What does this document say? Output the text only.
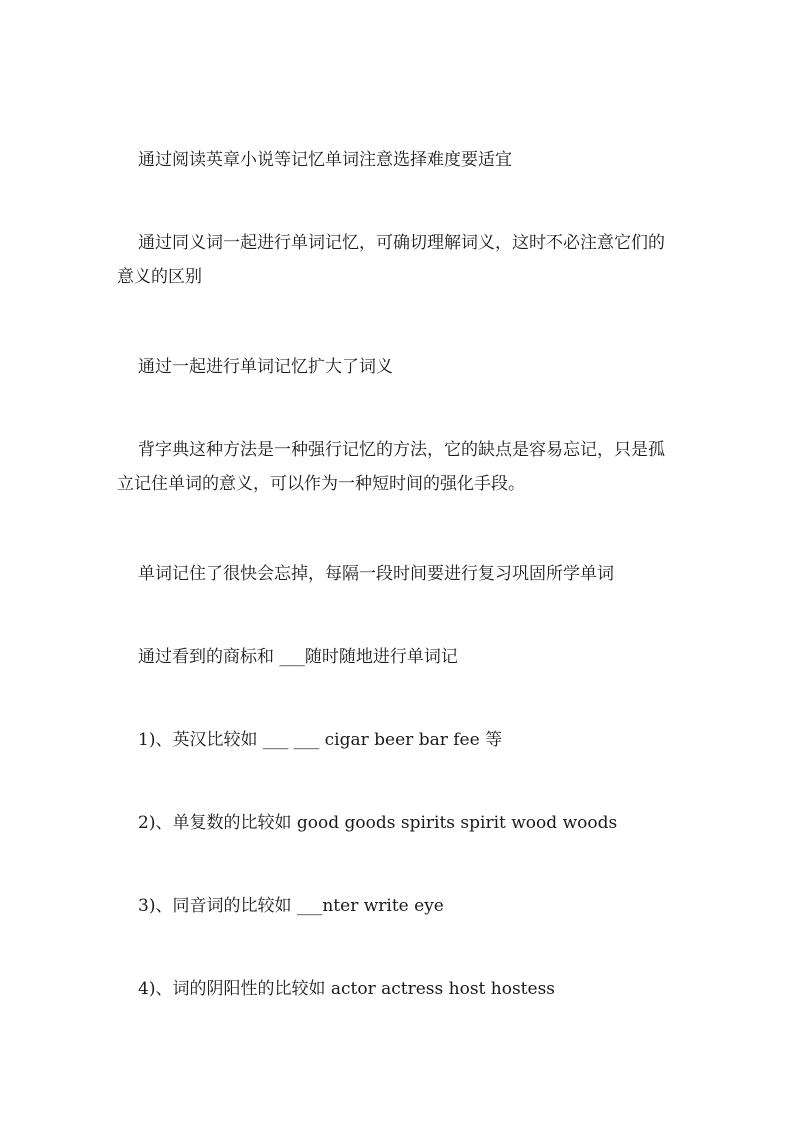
通过阅读英章小说等记忆单词注意选择难度要适宜

通过同义词一起进行单词记忆，可确切理解词义，这时不必注意它们的意义的区别

通过一起进行单词记忆扩大了词义

背字典这种方法是一种强行记忆的方法，它的缺点是容易忘记，只是孤立记住单词的意义，可以作为一种短时间的强化手段。

单词记住了很快会忘掉，每隔一段时间要进行复习巩固所学单词

通过看到的商标和 ___随时随地进行单词记

1)、英汉比较如 ___ ___ cigar beer bar fee 等

2)、单复数的比较如 good goods spirits spirit wood woods

3)、同音词的比较如 ___nter write eye

4)、词的阴阳性的比较如 actor actress host hostess
